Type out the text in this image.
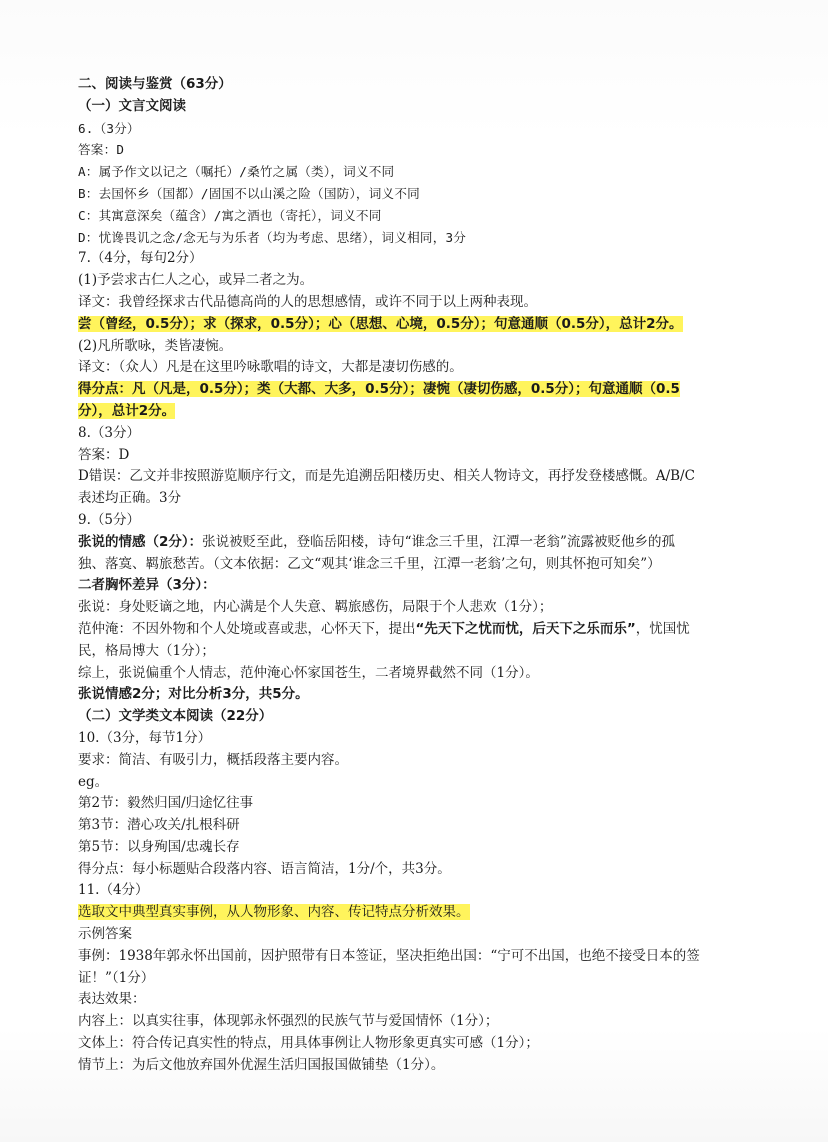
二、阅读与鉴赏（63分）
（一）文言文阅读
6.（3分）
答案：D
A：属予作文以记之（嘱托）/桑竹之属（类），词义不同
B：去国怀乡（国都）/固国不以山溪之险（国防），词义不同
C：其寓意深矣（蕴含）/寓之酒也（寄托），词义不同
D：忧谗畏讥之念/念无与为乐者（均为考虑、思绪），词义相同，3分
7.（4分，每句2分）
(1)予尝求古仁人之心，或异二者之为。
译文：我曾经探求古代品德高尚的人的思想感情，或许不同于以上两种表现。
尝（曾经，0.5分）；求（探求，0.5分）；心（思想、心境，0.5分）；句意通顺（0.5分），总计2分。
(2)凡所歌咏，类皆凄惋。
译文：（众人）凡是在这里吟咏歌唱的诗文，大都是凄切伤感的。
得分点：凡（凡是，0.5分）；类（大都、大多，0.5分）；凄惋（凄切伤感，0.5分）；句意通顺（0.5
分），总计2分。
8.（3分）
答案：D
D错误：乙文并非按照游览顺序行文，而是先追溯岳阳楼历史、相关人物诗文，再抒发登楼感慨。A/B/C
表述均正确。3分
9.（5分）
张说的情感（2分）：张说被贬至此，登临岳阳楼，诗句“谁念三千里，江潭一老翁”流露被贬他乡的孤
独、落寞、羁旅愁苦。（文本依据：乙文“观其‘谁念三千里，江潭一老翁’之句，则其怀抱可知矣”）
二者胸怀差异（3分）：
张说：身处贬谪之地，内心满是个人失意、羁旅感伤，局限于个人悲欢（1分）；
范仲淹：不因外物和个人处境或喜或悲，心怀天下，提出“先天下之忧而忧，后天下之乐而乐”，忧国忧
民，格局博大（1分）；
综上，张说偏重个人情志，范仲淹心怀家国苍生，二者境界截然不同（1分）。
张说情感2分；对比分析3分，共5分。
（二）文学类文本阅读（22分）
10.（3分，每节1分）
要求：简洁、有吸引力，概括段落主要内容。
eg。
第2节：毅然归国/归途忆往事
第3节：潜心攻关/扎根科研
第5节：以身殉国/忠魂长存
得分点：每小标题贴合段落内容、语言简洁，1分/个，共3分。
11.（4分）
选取文中典型真实事例，从人物形象、内容、传记特点分析效果。
示例答案
事例：1938年郭永怀出国前，因护照带有日本签证，坚决拒绝出国：“宁可不出国，也绝不接受日本的签
证！”（1分）
表达效果：
内容上：以真实往事，体现郭永怀强烈的民族气节与爱国情怀（1分）；
文体上：符合传记真实性的特点，用具体事例让人物形象更真实可感（1分）；
情节上：为后文他放弃国外优渥生活归国报国做铺垫（1分）。
